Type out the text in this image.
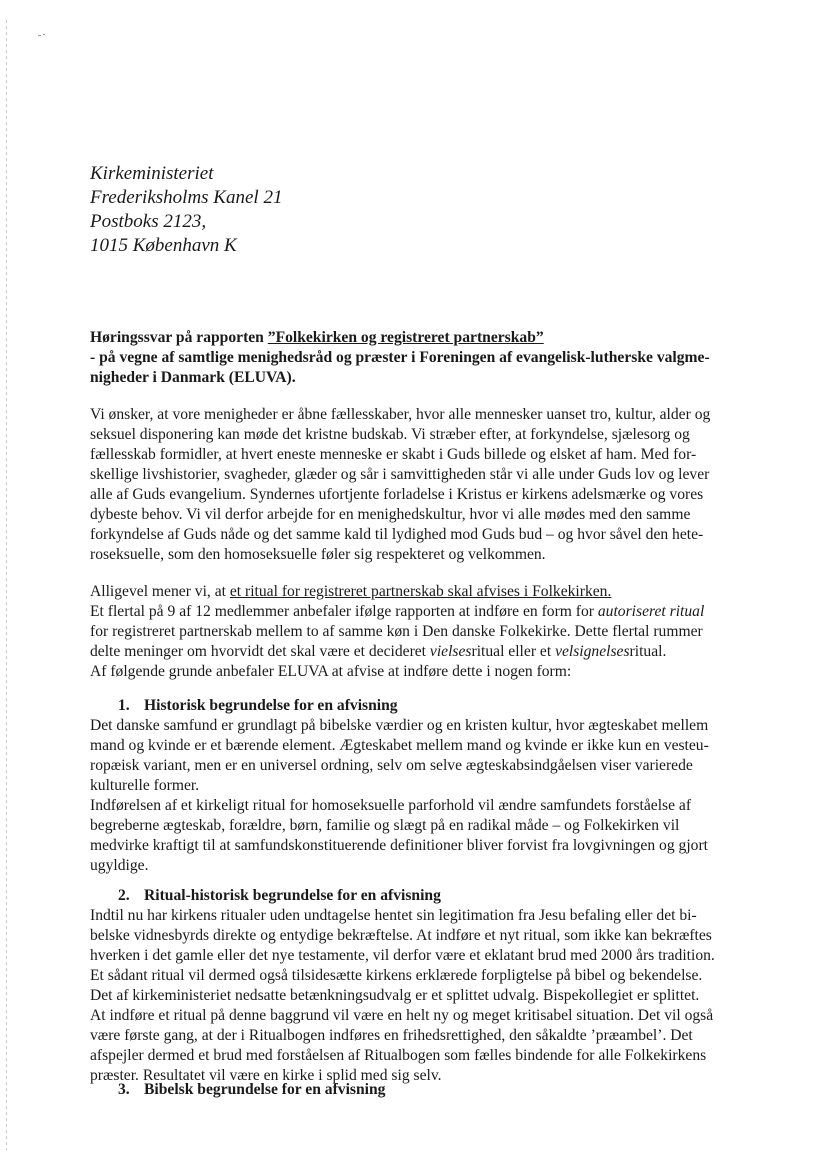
Kirkeministeriet
Frederiksholms Kanel 21
Postboks 2123,
1015 København K
Høringssvar på rapporten ”Folkekirken og registreret partnerskab”
- på vegne af samtlige menighedsråd og præster i Foreningen af evangelisk-lutherske valgme-
nigheder i Danmark (ELUVA).
Vi ønsker, at vore menigheder er åbne fællesskaber, hvor alle mennesker uanset tro, kultur, alder og
seksuel disponering kan møde det kristne budskab. Vi stræber efter, at forkyndelse, sjælesorg og
fællesskab formidler, at hvert eneste menneske er skabt i Guds billede og elsket af ham. Med for-
skellige livshistorier, svagheder, glæder og sår i samvittigheden står vi alle under Guds lov og lever
alle af Guds evangelium. Syndernes ufortjente forladelse i Kristus er kirkens adelsmærke og vores
dybeste behov. Vi vil derfor arbejde for en menighedskultur, hvor vi alle mødes med den samme
forkyndelse af Guds nåde og det samme kald til lydighed mod Guds bud – og hvor såvel den hete-
roseksuelle, som den homoseksuelle føler sig respekteret og velkommen.
Alligevel mener vi, at et ritual for registreret partnerskab skal afvises i Folkekirken.
Et flertal på 9 af 12 medlemmer anbefaler ifølge rapporten at indføre en form for autoriseret ritual
for registreret partnerskab mellem to af samme køn i Den danske Folkekirke. Dette flertal rummer
delte meninger om hvorvidt det skal være et decideret vielsesritual eller et velsignelsesritual.
Af følgende grunde anbefaler ELUVA at afvise at indføre dette i nogen form:
1. Historisk begrundelse for en afvisning
Det danske samfund er grundlagt på bibelske værdier og en kristen kultur, hvor ægteskabet mellem
mand og kvinde er et bærende element. Ægteskabet mellem mand og kvinde er ikke kun en vesteu-
ropæisk variant, men er en universel ordning, selv om selve ægteskabsindgåelsen viser varierede
kulturelle former.
Indførelsen af et kirkeligt ritual for homoseksuelle parforhold vil ændre samfundets forståelse af
begreberne ægteskab, forældre, børn, familie og slægt på en radikal måde – og Folkekirken vil
medvirke kraftigt til at samfundskonstituerende definitioner bliver forvist fra lovgivningen og gjort
ugyldige.
2. Ritual-historisk begrundelse for en afvisning
Indtil nu har kirkens ritualer uden undtagelse hentet sin legitimation fra Jesu befaling eller det bi-
belske vidnesbyrds direkte og entydige bekræftelse. At indføre et nyt ritual, som ikke kan bekræftes
hverken i det gamle eller det nye testamente, vil derfor være et eklatant brud med 2000 års tradition.
Et sådant ritual vil dermed også tilsidesætte kirkens erklærede forpligtelse på bibel og bekendelse.
Det af kirkeministeriet nedsatte betænkningsudvalg er et splittet udvalg. Bispekollegiet er splittet.
At indføre et ritual på denne baggrund vil være en helt ny og meget kritisabel situation. Det vil også
være første gang, at der i Ritualbogen indføres en frihedsrettighed, den såkaldte ’præambel’. Det
afspejler dermed et brud med forståelsen af Ritualbogen som fælles bindende for alle Folkekirkens
præster. Resultatet vil være en kirke i splid med sig selv.
3. Bibelsk begrundelse for en afvisning
